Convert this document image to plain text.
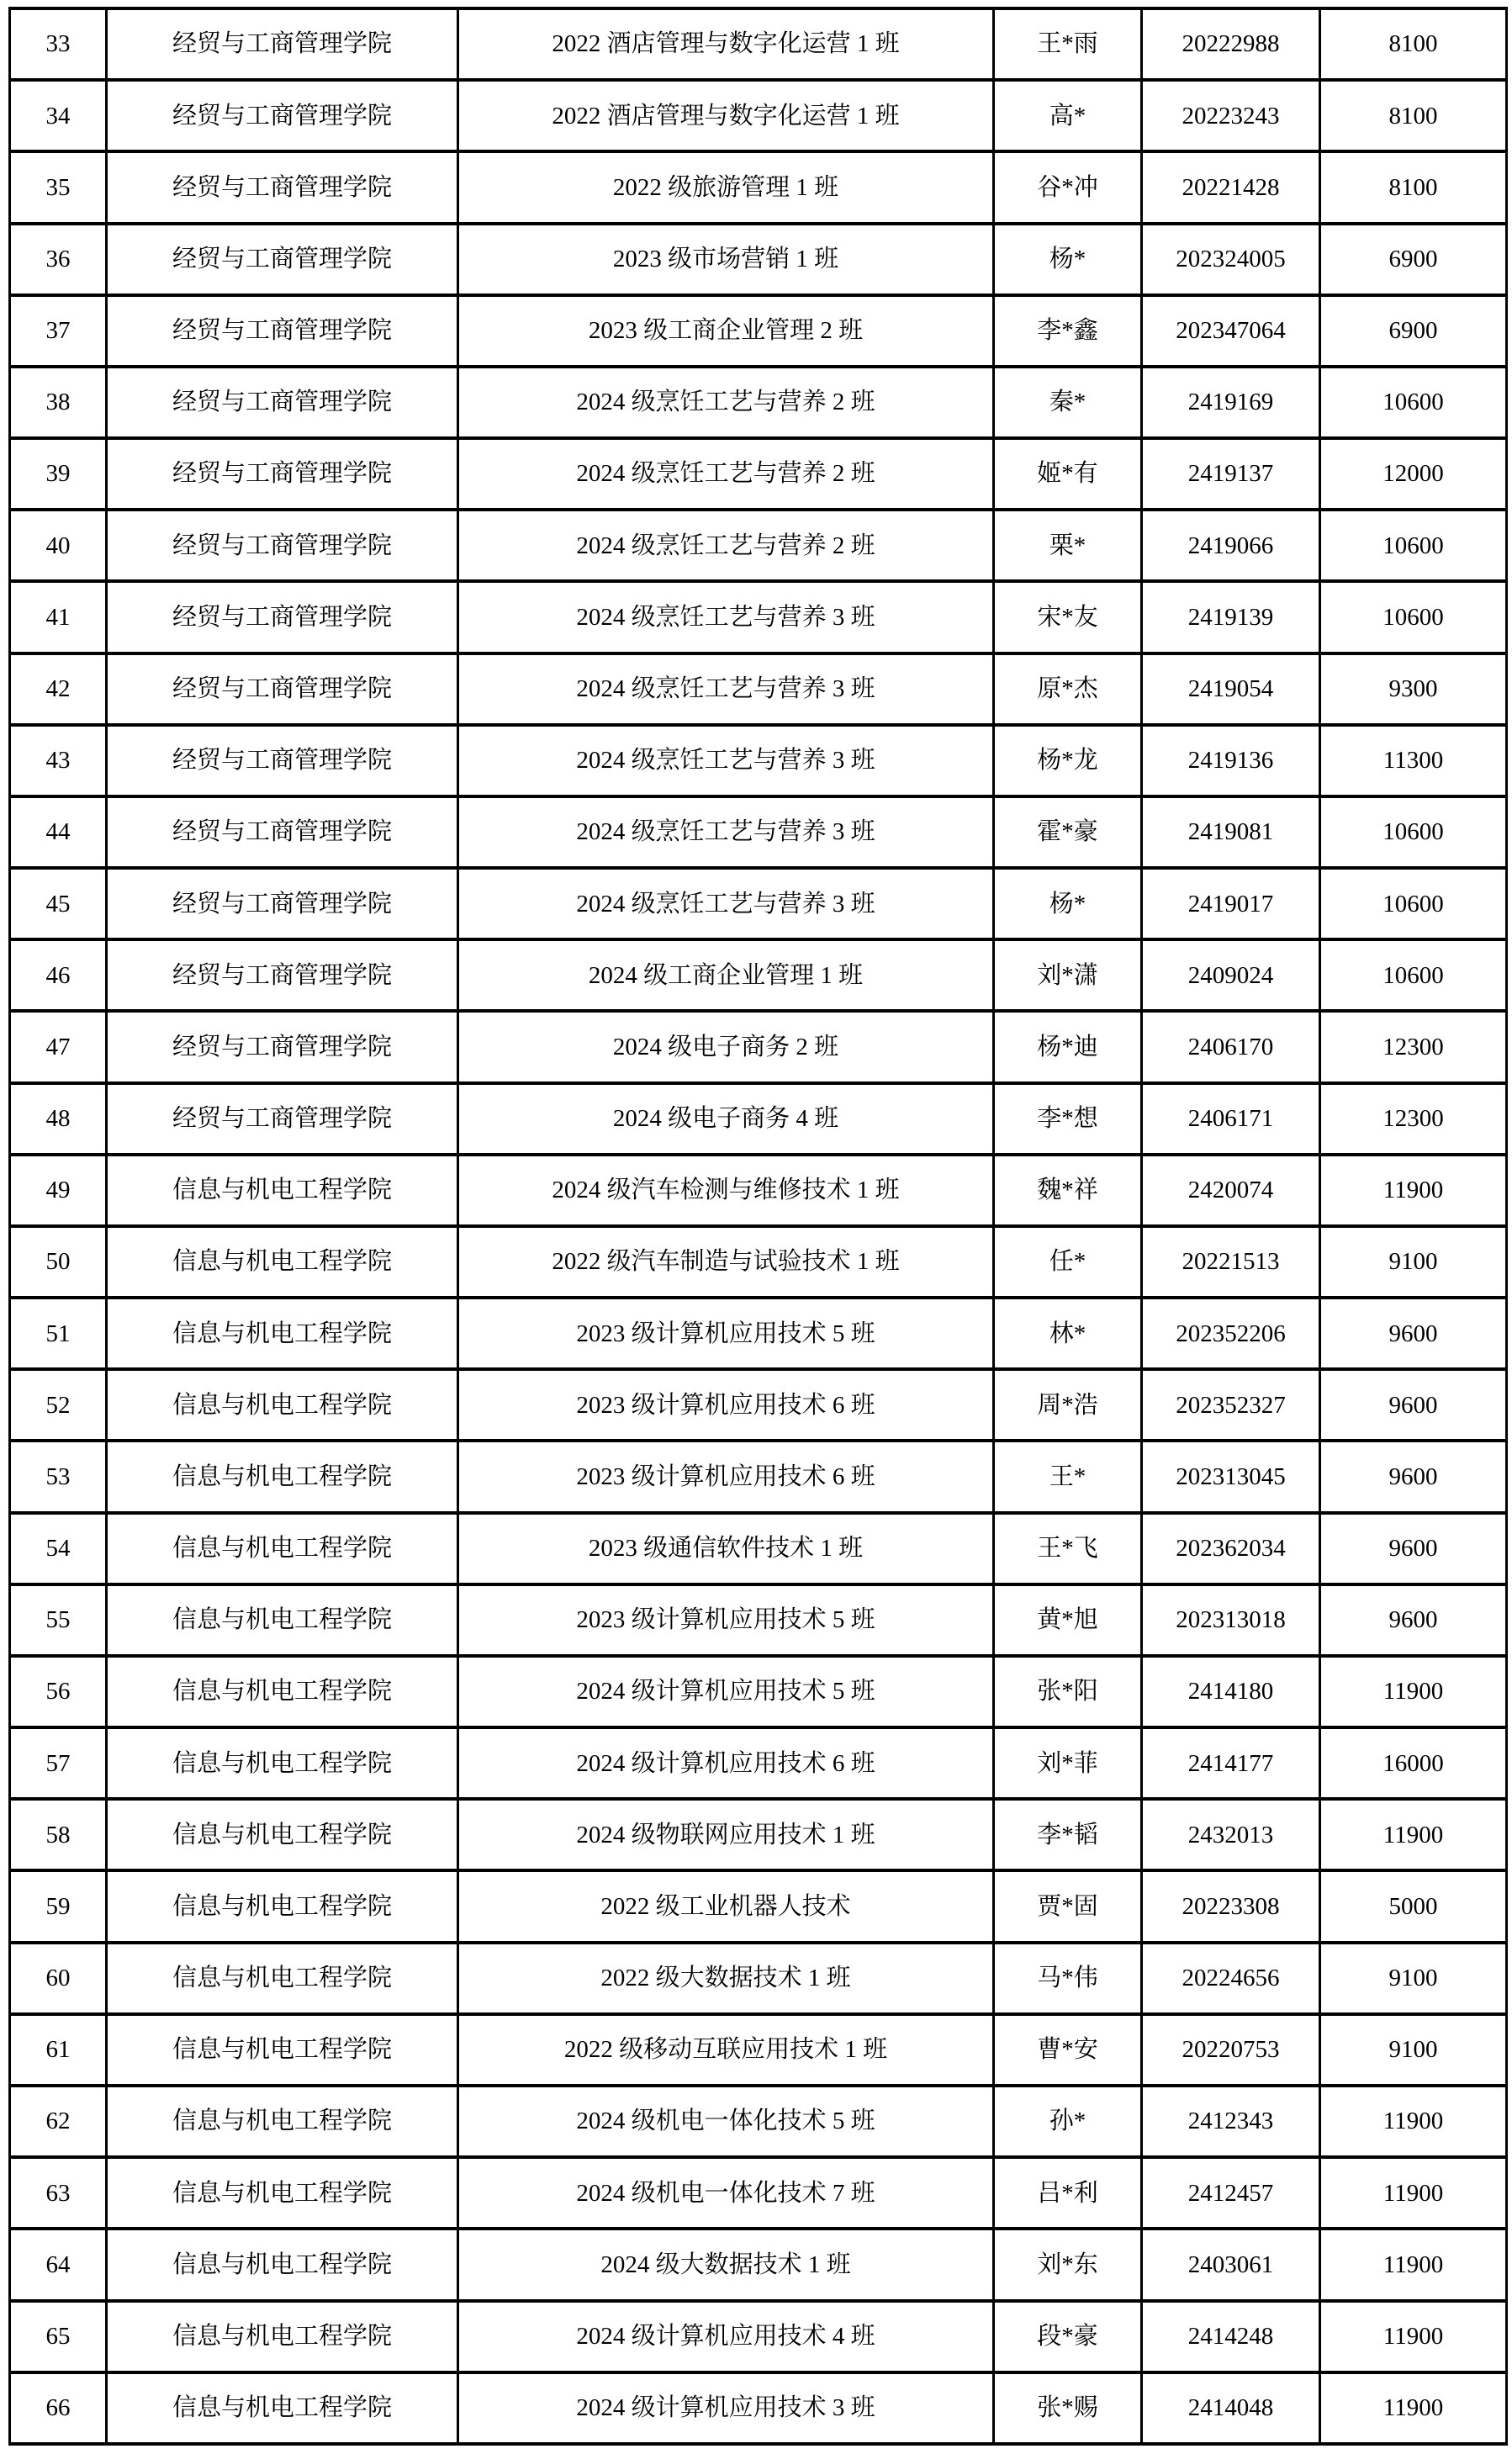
33	经贸与工商管理学院	2022 酒店管理与数字化运营 1 班	王*雨	20222988	8100
34	经贸与工商管理学院	2022 酒店管理与数字化运营 1 班	高*	20223243	8100
35	经贸与工商管理学院	2022 级旅游管理 1 班	谷*冲	20221428	8100
36	经贸与工商管理学院	2023 级市场营销 1 班	杨*	202324005	6900
37	经贸与工商管理学院	2023 级工商企业管理 2 班	李*鑫	202347064	6900
38	经贸与工商管理学院	2024 级烹饪工艺与营养 2 班	秦*	2419169	10600
39	经贸与工商管理学院	2024 级烹饪工艺与营养 2 班	姬*有	2419137	12000
40	经贸与工商管理学院	2024 级烹饪工艺与营养 2 班	栗*	2419066	10600
41	经贸与工商管理学院	2024 级烹饪工艺与营养 3 班	宋*友	2419139	10600
42	经贸与工商管理学院	2024 级烹饪工艺与营养 3 班	原*杰	2419054	9300
43	经贸与工商管理学院	2024 级烹饪工艺与营养 3 班	杨*龙	2419136	11300
44	经贸与工商管理学院	2024 级烹饪工艺与营养 3 班	霍*豪	2419081	10600
45	经贸与工商管理学院	2024 级烹饪工艺与营养 3 班	杨*	2419017	10600
46	经贸与工商管理学院	2024 级工商企业管理 1 班	刘*潇	2409024	10600
47	经贸与工商管理学院	2024 级电子商务 2 班	杨*迪	2406170	12300
48	经贸与工商管理学院	2024 级电子商务 4 班	李*想	2406171	12300
49	信息与机电工程学院	2024 级汽车检测与维修技术 1 班	魏*祥	2420074	11900
50	信息与机电工程学院	2022 级汽车制造与试验技术 1 班	任*	20221513	9100
51	信息与机电工程学院	2023 级计算机应用技术 5 班	林*	202352206	9600
52	信息与机电工程学院	2023 级计算机应用技术 6 班	周*浩	202352327	9600
53	信息与机电工程学院	2023 级计算机应用技术 6 班	王*	202313045	9600
54	信息与机电工程学院	2023 级通信软件技术 1 班	王*飞	202362034	9600
55	信息与机电工程学院	2023 级计算机应用技术 5 班	黄*旭	202313018	9600
56	信息与机电工程学院	2024 级计算机应用技术 5 班	张*阳	2414180	11900
57	信息与机电工程学院	2024 级计算机应用技术 6 班	刘*菲	2414177	16000
58	信息与机电工程学院	2024 级物联网应用技术 1 班	李*韬	2432013	11900
59	信息与机电工程学院	2022 级工业机器人技术	贾*固	20223308	5000
60	信息与机电工程学院	2022 级大数据技术 1 班	马*伟	20224656	9100
61	信息与机电工程学院	2022 级移动互联应用技术 1 班	曹*安	20220753	9100
62	信息与机电工程学院	2024 级机电一体化技术 5 班	孙*	2412343	11900
63	信息与机电工程学院	2024 级机电一体化技术 7 班	吕*利	2412457	11900
64	信息与机电工程学院	2024 级大数据技术 1 班	刘*东	2403061	11900
65	信息与机电工程学院	2024 级计算机应用技术 4 班	段*豪	2414248	11900
66	信息与机电工程学院	2024 级计算机应用技术 3 班	张*赐	2414048	11900
